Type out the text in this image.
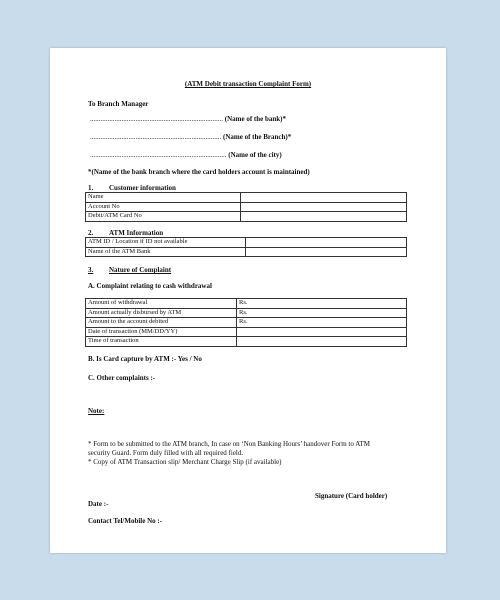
(ATM Debit transaction Complaint Form)
To Branch Manager
............................................................................ (Name of the bank)*
........................................................................... (Name of the Branch)*
.............................................................................. (Name of the city)
*(Name of the bank branch where the card holders account is maintained)
1. Customer information
Name	
Account No	
Debit/ATM Card No	
2. ATM Information
ATM ID / Location if ID not available	
Name of the ATM Bank	
3. Nature of Complaint
A. Complaint relating to cash withdrawal
Amount of withdrawal	Rs.
Amount actually disbursed by ATM	Rs.
Amount to the account debited	Rs.
Date of transaction (MM/DD/YY)	
Time of transaction	
B. Is Card capture by ATM :- Yes / No
C. Other complaints :-
Note:
* Form to be submitted to the ATM branch, In case on ‘Non Banking Hours’ handover Form to ATM security Guard. Form duly filled with all required field.
* Copy of ATM Transaction slip/ Merchant Charge Slip (if available)
Signature (Card holder)
Date :-
Contact Tel/Mobile No :-
